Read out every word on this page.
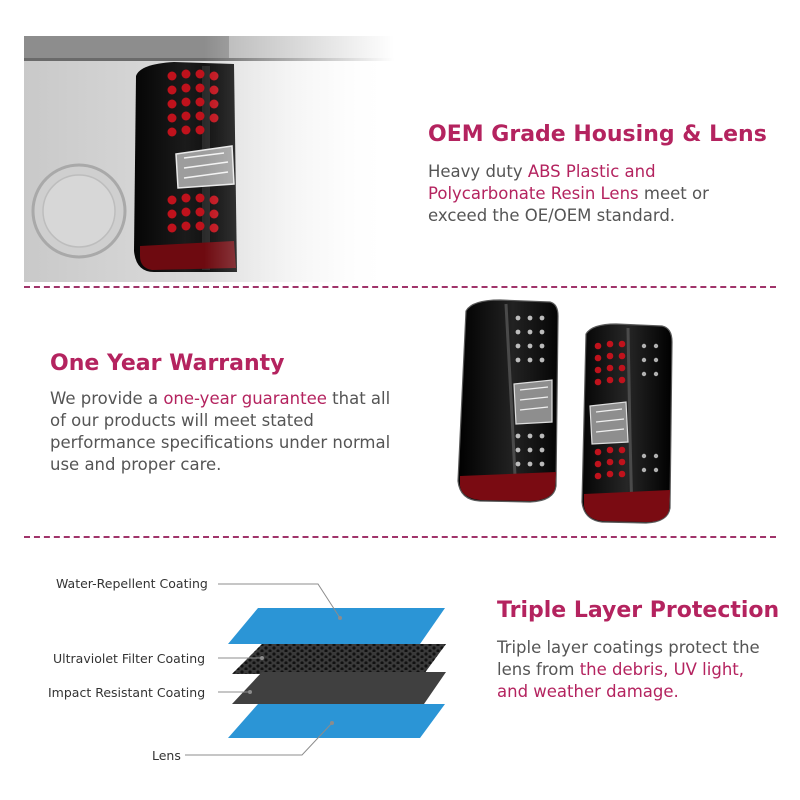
OEM Grade Housing & Lens

Heavy duty ABS Plastic and Polycarbonate Resin Lens meet or exceed the OE/OEM standard.

One Year Warranty

We provide a one-year guarantee that all of our products will meet stated performance specifications under normal use and proper care.

Water-Repellent Coating

Ultraviolet Filter Coating

Impact Resistant Coating

Lens

Triple Layer Protection

Triple layer coatings protect the lens from the debris, UV light, and weather damage.
